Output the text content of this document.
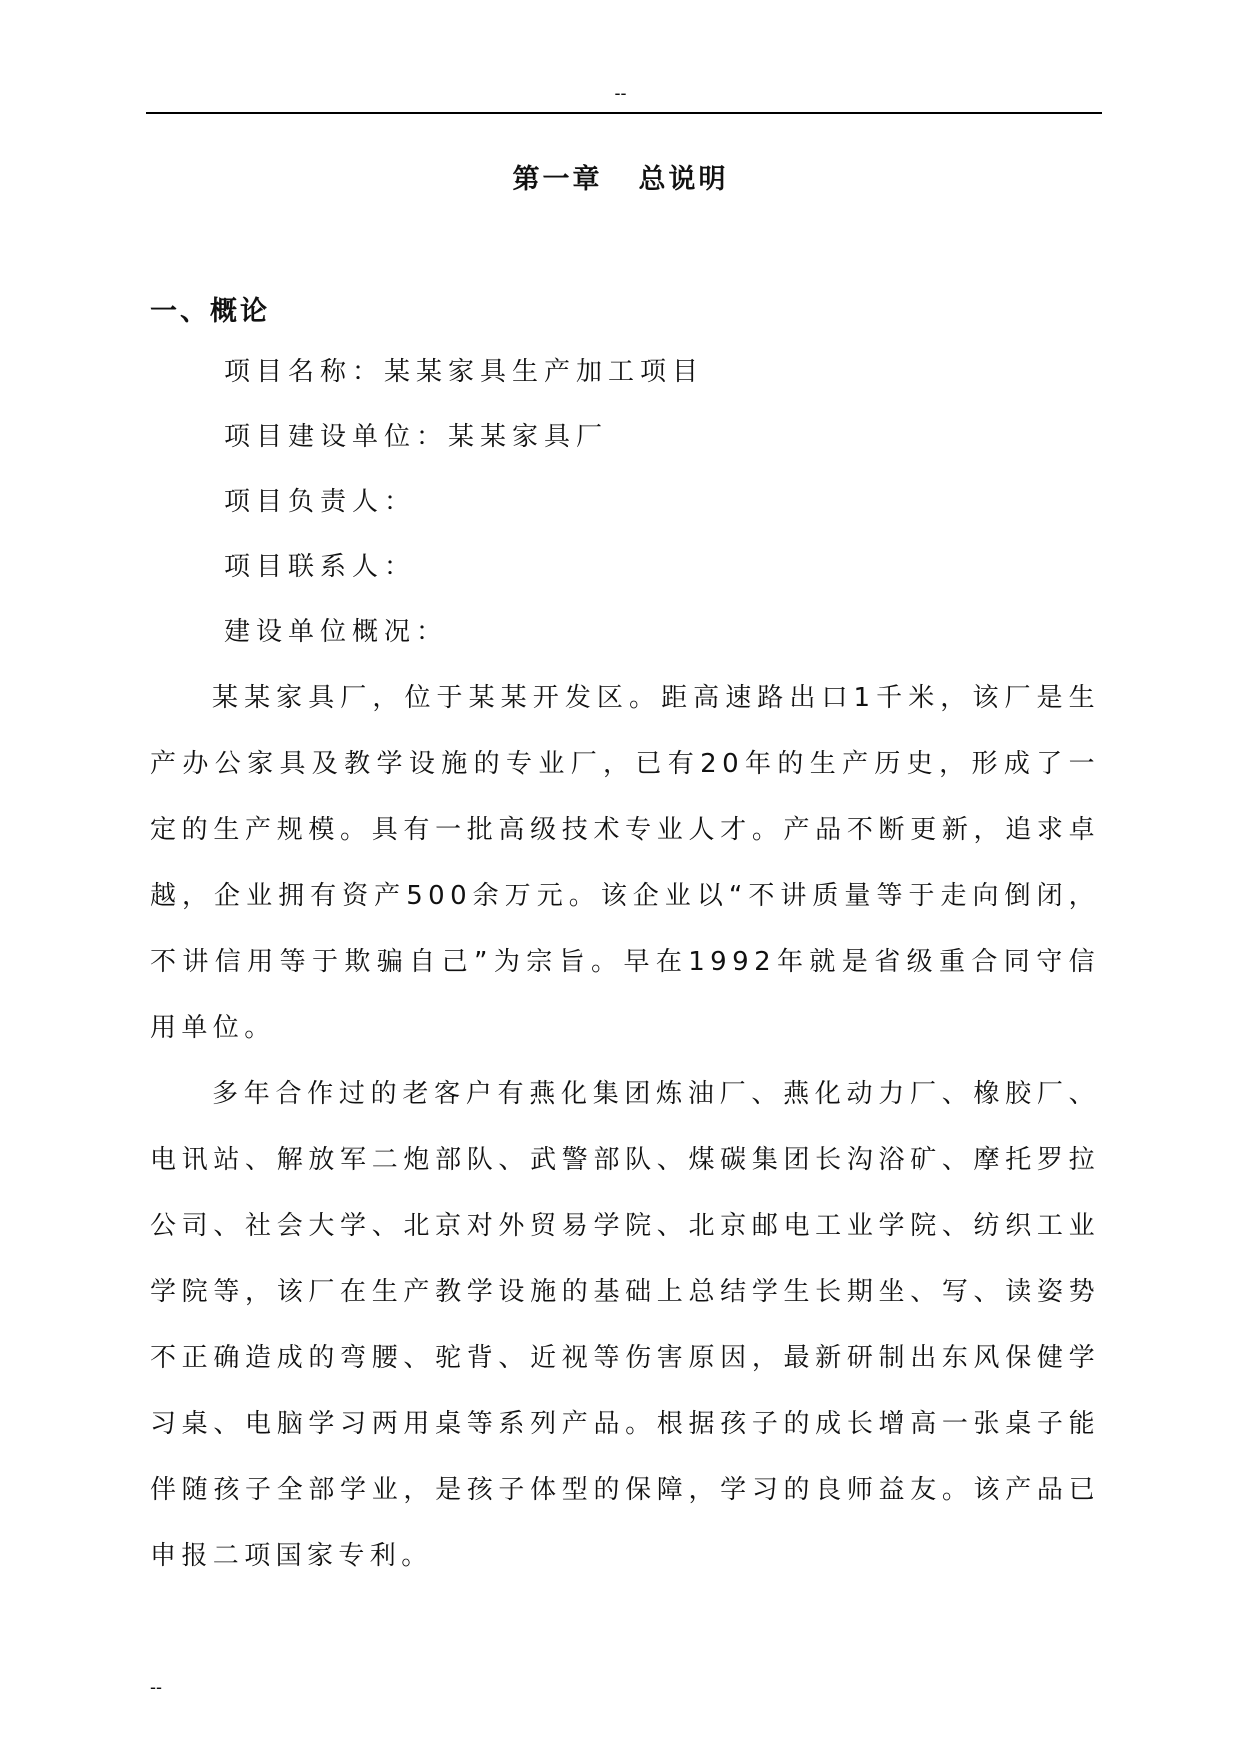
--
第一章 总说明
一、概论
项目名称：某某家具生产加工项目
项目建设单位：某某家具厂
项目负责人：
项目联系人：
建设单位概况：

某某家具厂，位于某某开发区。距高速路出口1千米，该厂是生产办公家具及教学设施的专业厂，已有20年的生产历史，形成了一定的生产规模。具有一批高级技术专业人才。产品不断更新，追求卓越，企业拥有资产500余万元。该企业以“不讲质量等于走向倒闭，不讲信用等于欺骗自己”为宗旨。早在1992年就是省级重合同守信用单位。

多年合作过的老客户有燕化集团炼油厂、燕化动力厂、橡胶厂、电讯站、解放军二炮部队、武警部队、煤碳集团长沟浴矿、摩托罗拉公司、社会大学、北京对外贸易学院、北京邮电工业学院、纺织工业学院等，该厂在生产教学设施的基础上总结学生长期坐、写、读姿势不正确造成的弯腰、驼背、近视等伤害原因，最新研制出东风保健学习桌、电脑学习两用桌等系列产品。根据孩子的成长增高一张桌子能伴随孩子全部学业，是孩子体型的保障，学习的良师益友。该产品已申报二项国家专利。

--
